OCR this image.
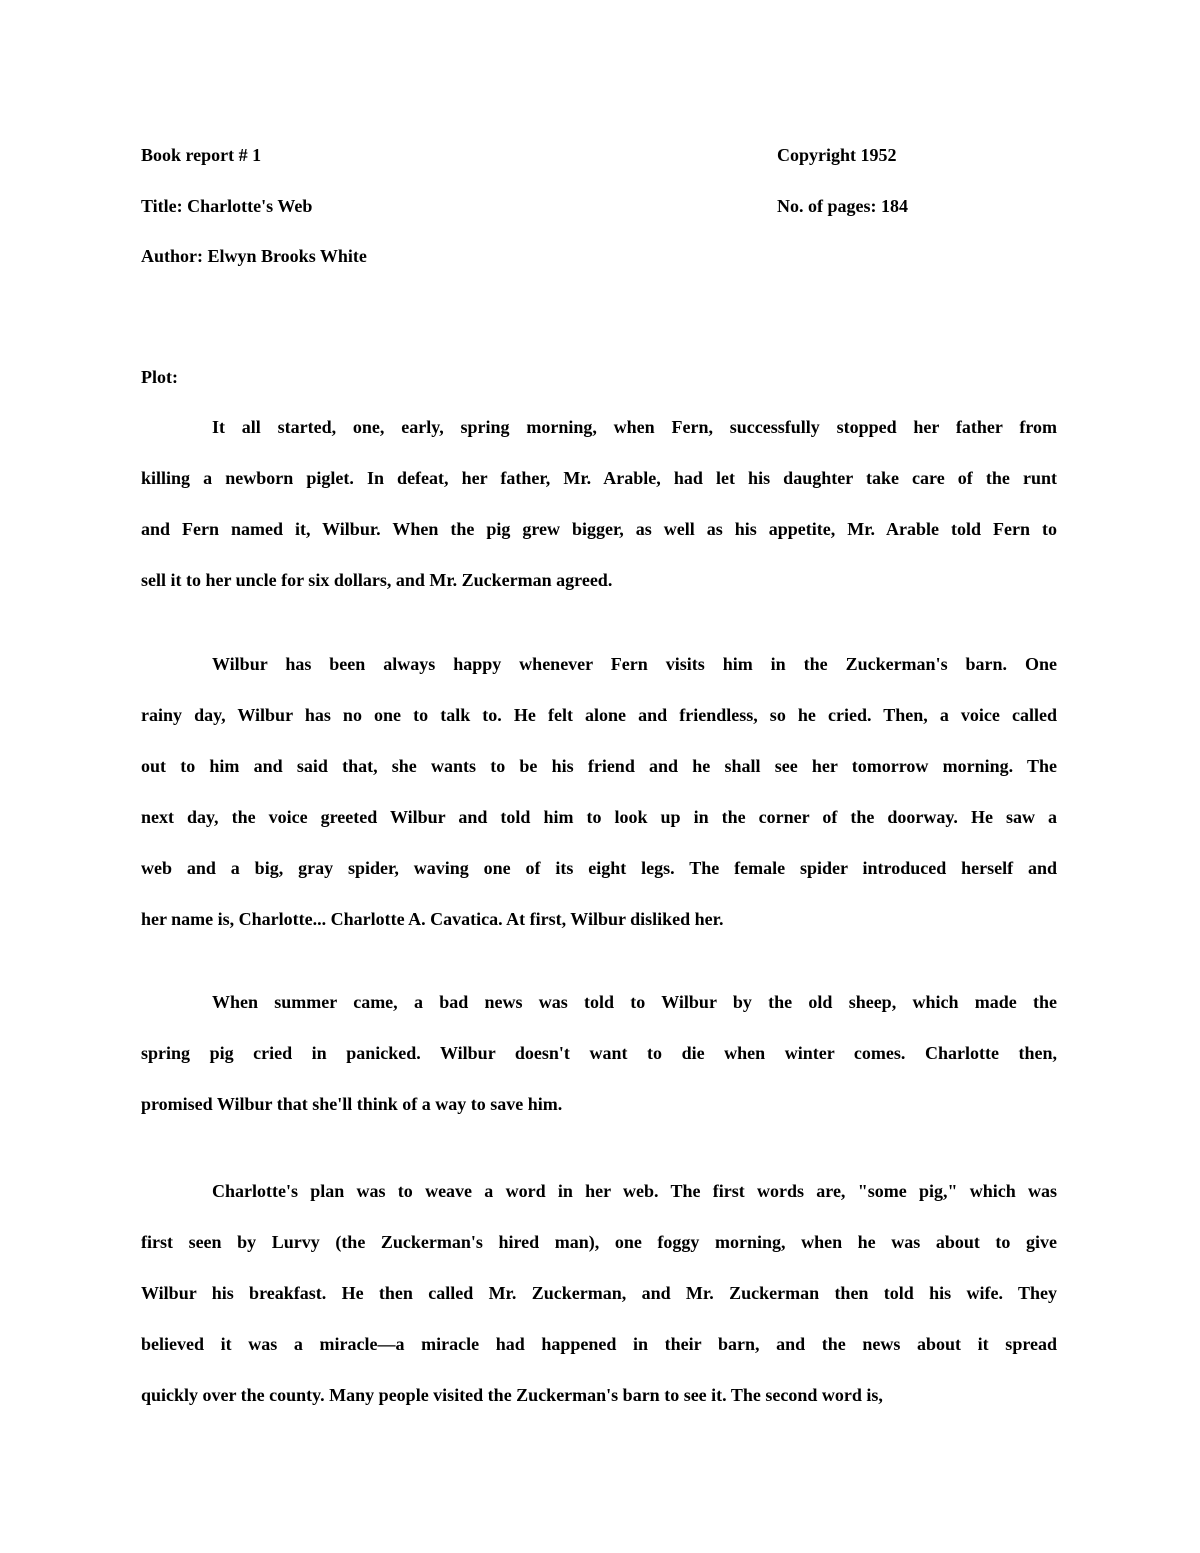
Book report # 1	Copyright 1952
Title: Charlotte's Web	No. of pages: 184
Author: Elwyn Brooks White
Plot:
It all started, one, early, spring morning, when Fern, successfully stopped her father from
killing a newborn piglet. In defeat, her father, Mr. Arable, had let his daughter take care of the runt
and Fern named it, Wilbur. When the pig grew bigger, as well as his appetite, Mr. Arable told Fern to
sell it to her uncle for six dollars, and Mr. Zuckerman agreed.
Wilbur has been always happy whenever Fern visits him in the Zuckerman's barn. One
rainy day, Wilbur has no one to talk to. He felt alone and friendless, so he cried. Then, a voice called
out to him and said that, she wants to be his friend and he shall see her tomorrow morning. The
next day, the voice greeted Wilbur and told him to look up in the corner of the doorway. He saw a
web and a big, gray spider, waving one of its eight legs. The female spider introduced herself and
her name is, Charlotte... Charlotte A. Cavatica. At first, Wilbur disliked her.
When summer came, a bad news was told to Wilbur by the old sheep, which made the
spring pig cried in panicked. Wilbur doesn't want to die when winter comes. Charlotte then,
promised Wilbur that she'll think of a way to save him.
Charlotte's plan was to weave a word in her web. The first words are, "some pig," which was
first seen by Lurvy (the Zuckerman's hired man), one foggy morning, when he was about to give
Wilbur his breakfast. He then called Mr. Zuckerman, and Mr. Zuckerman then told his wife. They
believed it was a miracle—a miracle had happened in their barn, and the news about it spread
quickly over the county. Many people visited the Zuckerman's barn to see it. The second word is,
